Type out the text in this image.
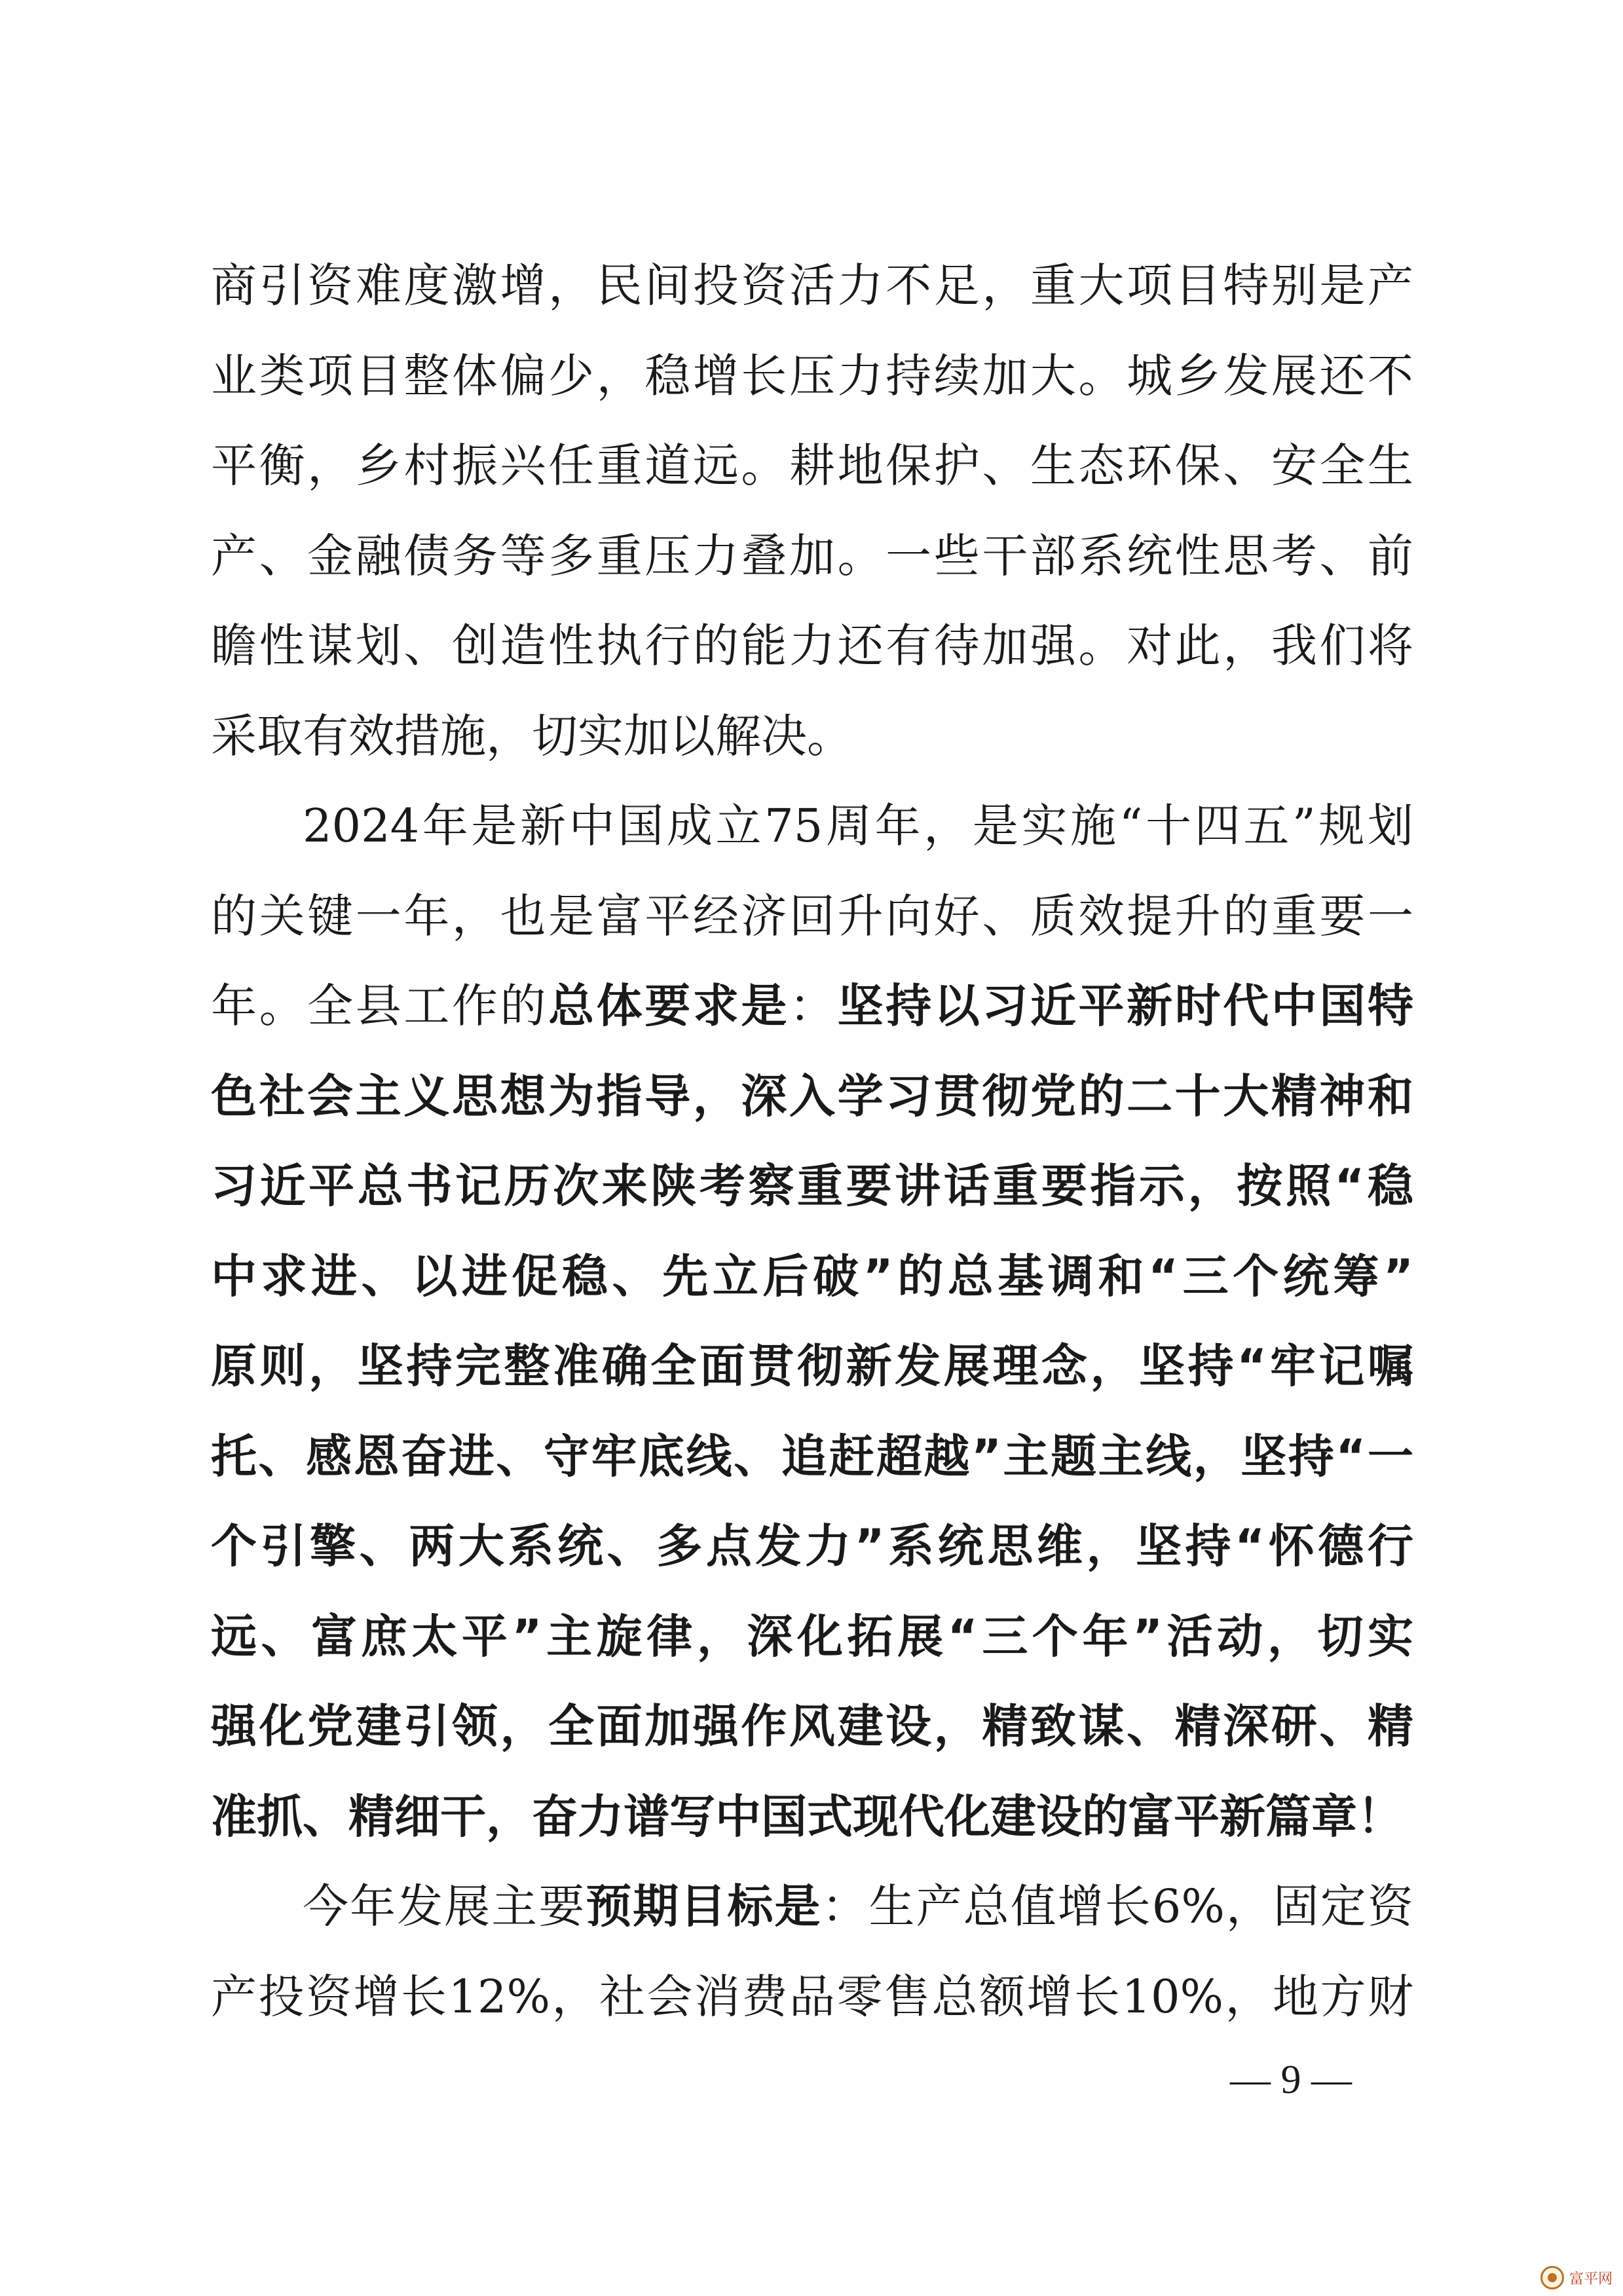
商引资难度激增，民间投资活力不足，重大项目特别是产
业类项目整体偏少，稳增长压力持续加大。城乡发展还不
平衡，乡村振兴任重道远。耕地保护、生态环保、安全生
产、金融债务等多重压力叠加。一些干部系统性思考、前
瞻性谋划、创造性执行的能力还有待加强。对此，我们将
采取有效措施，切实加以解决。
2024年是新中国成立75周年，是实施“十四五”规划
的关键一年，也是富平经济回升向好、质效提升的重要一
年。全县工作的总体要求是：坚持以习近平新时代中国特
色社会主义思想为指导，深入学习贯彻党的二十大精神和
习近平总书记历次来陕考察重要讲话重要指示，按照“稳
中求进、以进促稳、先立后破”的总基调和“三个统筹”
原则，坚持完整准确全面贯彻新发展理念，坚持“牢记嘱
托、感恩奋进、守牢底线、追赶超越”主题主线，坚持“一
个引擎、两大系统、多点发力”系统思维，坚持“怀德行
远、富庶太平”主旋律，深化拓展“三个年”活动，切实
强化党建引领，全面加强作风建设，精致谋、精深研、精
准抓、精细干，奋力谱写中国式现代化建设的富平新篇章！
今年发展主要预期目标是：生产总值增长6%，固定资
产投资增长12%，社会消费品零售总额增长10%，地方财
— 9 —
富平网
